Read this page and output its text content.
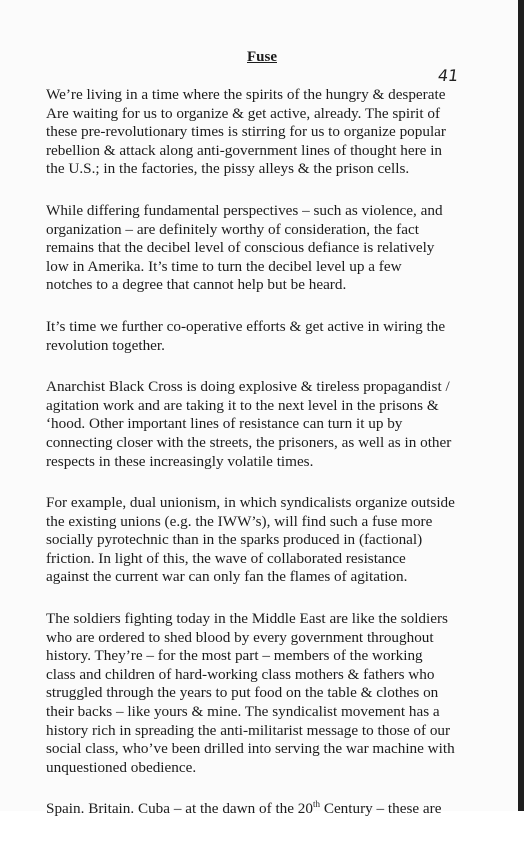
Fuse
41
We’re living in a time where the spirits of the hungry & desperate
Are waiting for us to organize & get active, already. The spirit of
these pre-revolutionary times is stirring for us to organize popular
rebellion & attack along anti-government lines of thought here in
the U.S.; in the factories, the pissy alleys & the prison cells.
While differing fundamental perspectives – such as violence, and
organization – are definitely worthy of consideration, the fact
remains that the decibel level of conscious defiance is relatively
low in Amerika. It’s time to turn the decibel level up a few
notches to a degree that cannot help but be heard.
It’s time we further co-operative efforts & get active in wiring the
revolution together.
Anarchist Black Cross is doing explosive & tireless propagandist /
agitation work and are taking it to the next level in the prisons &
‘hood. Other important lines of resistance can turn it up by
connecting closer with the streets, the prisoners, as well as in other
respects in these increasingly volatile times.
For example, dual unionism, in which syndicalists organize outside
the existing unions (e.g. the IWW’s), will find such a fuse more
socially pyrotechnic than in the sparks produced in (factional)
friction. In light of this, the wave of collaborated resistance
against the current war can only fan the flames of agitation.
The soldiers fighting today in the Middle East are like the soldiers
who are ordered to shed blood by every government throughout
history. They’re – for the most part – members of the working
class and children of hard-working class mothers & fathers who
struggled through the years to put food on the table & clothes on
their backs – like yours & mine. The syndicalist movement has a
history rich in spreading the anti-militarist message to those of our
social class, who’ve been drilled into serving the war machine with
unquestioned obedience.
Spain. Britain. Cuba – at the dawn of the 20th Century – these are
